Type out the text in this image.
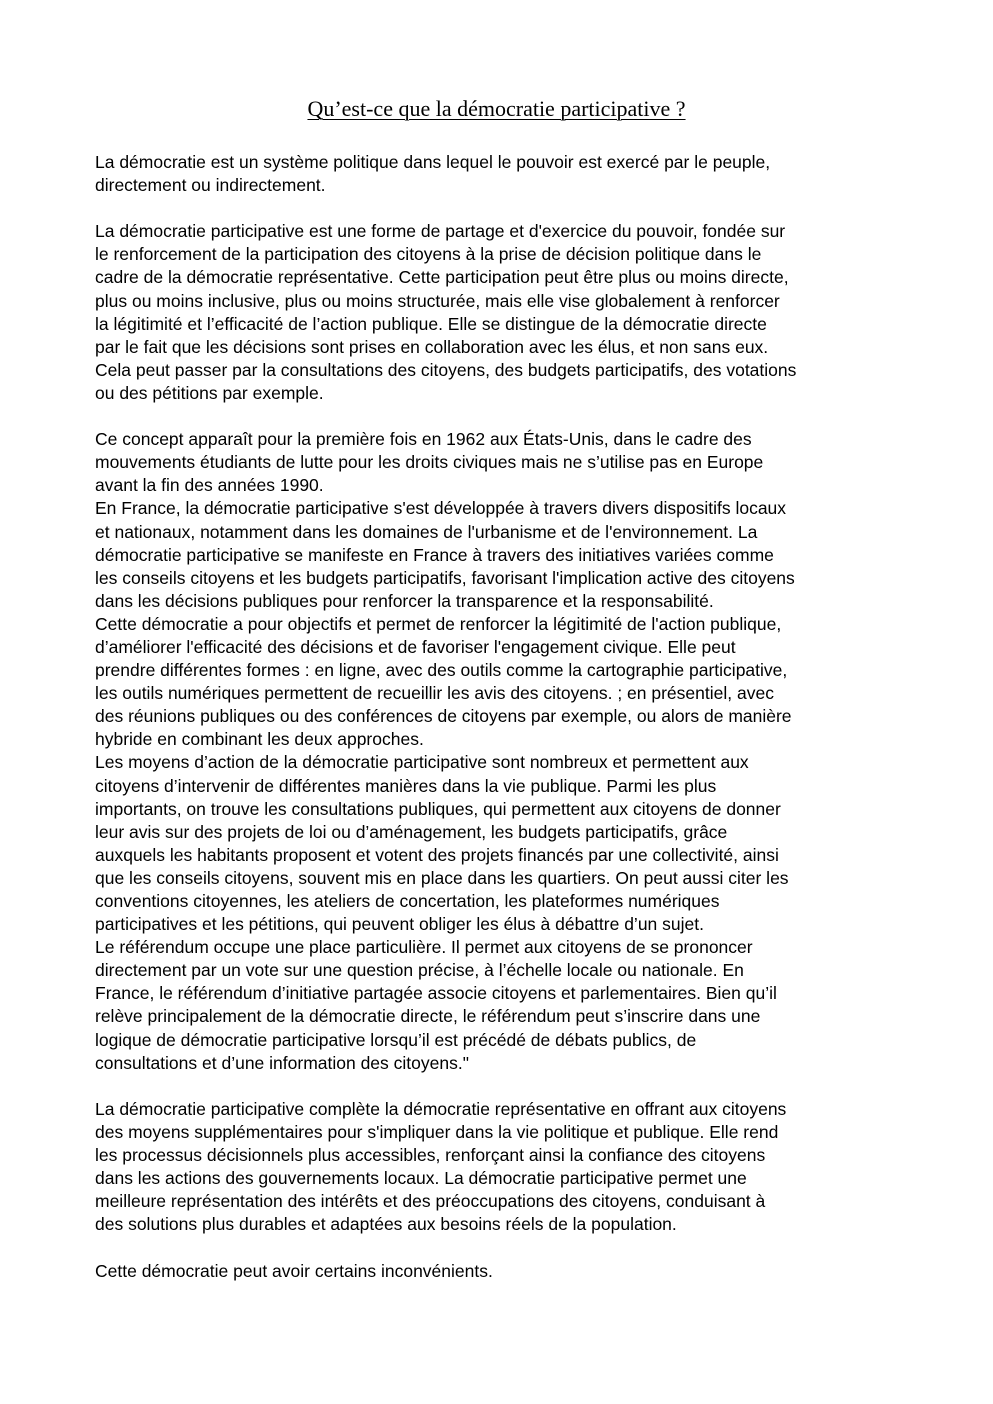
Qu’est-ce que la démocratie participative ?

La démocratie est un système politique dans lequel le pouvoir est exercé par le peuple,
directement ou indirectement.

La démocratie participative est une forme de partage et d'exercice du pouvoir, fondée sur
le renforcement de la participation des citoyens à la prise de décision politique dans le
cadre de la démocratie représentative. Cette participation peut être plus ou moins directe,
plus ou moins inclusive, plus ou moins structurée, mais elle vise globalement à renforcer
la légitimité et l’efficacité de l’action publique. Elle se distingue de la démocratie directe
par le fait que les décisions sont prises en collaboration avec les élus, et non sans eux.
Cela peut passer par la consultations des citoyens, des budgets participatifs, des votations
ou des pétitions par exemple.

Ce concept apparaît pour la première fois en 1962 aux États-Unis, dans le cadre des
mouvements étudiants de lutte pour les droits civiques mais ne s’utilise pas en Europe
avant la fin des années 1990.
En France, la démocratie participative s'est développée à travers divers dispositifs locaux
et nationaux, notamment dans les domaines de l'urbanisme et de l'environnement. La
démocratie participative se manifeste en France à travers des initiatives variées comme
les conseils citoyens et les budgets participatifs, favorisant l'implication active des citoyens
dans les décisions publiques pour renforcer la transparence et la responsabilité.
Cette démocratie a pour objectifs et permet de renforcer la légitimité de l'action publique,
d’améliorer l'efficacité des décisions et de favoriser l'engagement civique. Elle peut
prendre différentes formes : en ligne, avec des outils comme la cartographie participative,
les outils numériques permettent de recueillir les avis des citoyens. ; en présentiel, avec
des réunions publiques ou des conférences de citoyens par exemple, ou alors de manière
hybride en combinant les deux approches.
Les moyens d’action de la démocratie participative sont nombreux et permettent aux
citoyens d’intervenir de différentes manières dans la vie publique. Parmi les plus
importants, on trouve les consultations publiques, qui permettent aux citoyens de donner
leur avis sur des projets de loi ou d’aménagement, les budgets participatifs, grâce
auxquels les habitants proposent et votent des projets financés par une collectivité, ainsi
que les conseils citoyens, souvent mis en place dans les quartiers. On peut aussi citer les
conventions citoyennes, les ateliers de concertation, les plateformes numériques
participatives et les pétitions, qui peuvent obliger les élus à débattre d’un sujet.
Le référendum occupe une place particulière. Il permet aux citoyens de se prononcer
directement par un vote sur une question précise, à l’échelle locale ou nationale. En
France, le référendum d’initiative partagée associe citoyens et parlementaires. Bien qu’il
relève principalement de la démocratie directe, le référendum peut s’inscrire dans une
logique de démocratie participative lorsqu’il est précédé de débats publics, de
consultations et d’une information des citoyens."

La démocratie participative complète la démocratie représentative en offrant aux citoyens
des moyens supplémentaires pour s'impliquer dans la vie politique et publique. Elle rend
les processus décisionnels plus accessibles, renforçant ainsi la confiance des citoyens
dans les actions des gouvernements locaux. La démocratie participative permet une
meilleure représentation des intérêts et des préoccupations des citoyens, conduisant à
des solutions plus durables et adaptées aux besoins réels de la population.

Cette démocratie peut avoir certains inconvénients.
